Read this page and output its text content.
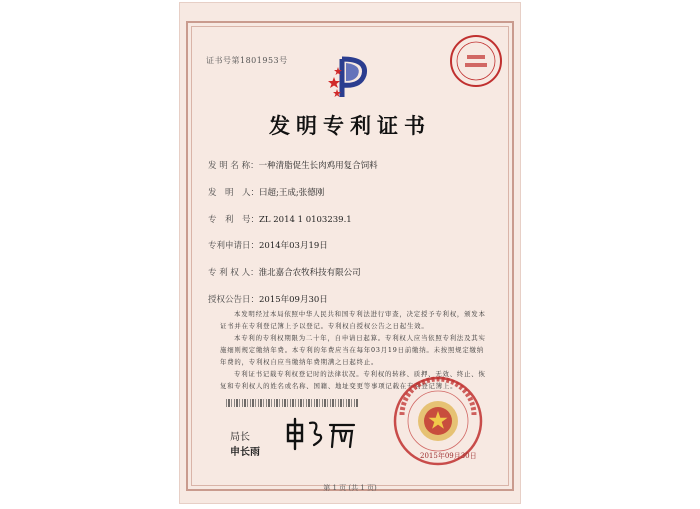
证书号第1801953号
发明专利证书
发 明 名 称：一种清脂促生长肉鸡用复合饲料
发　明　人：曰超;王成;张德刚
专　利　号：ZL 2014 1 0103239.1
专利申请日：2014年03月19日
专 利 权 人：淮北嘉合农牧科技有限公司
授权公告日：2015年09月30日

本发明经过本局依照中华人民共和国专利法进行审查，决定授予专利权，颁发本证书并在专利登记簿上予以登记。专利权自授权公告之日起生效。

本专利的专利权期限为二十年，自申请日起算。专利权人应当依照专利法及其实施细则规定缴纳年费。本专利的年费应当在每年03月19日前缴纳。未按照规定缴纳年费的，专利权自应当缴纳年费期满之日起终止。

专利证书记载专利权登记时的法律状况。专利权的转移、质押、无效、终止、恢复和专利权人的姓名或名称、国籍、地址变更等事项记载在专利登记簿上。

局长
申长雨	2015年09月30日
第 1 页 (共 1 页)
